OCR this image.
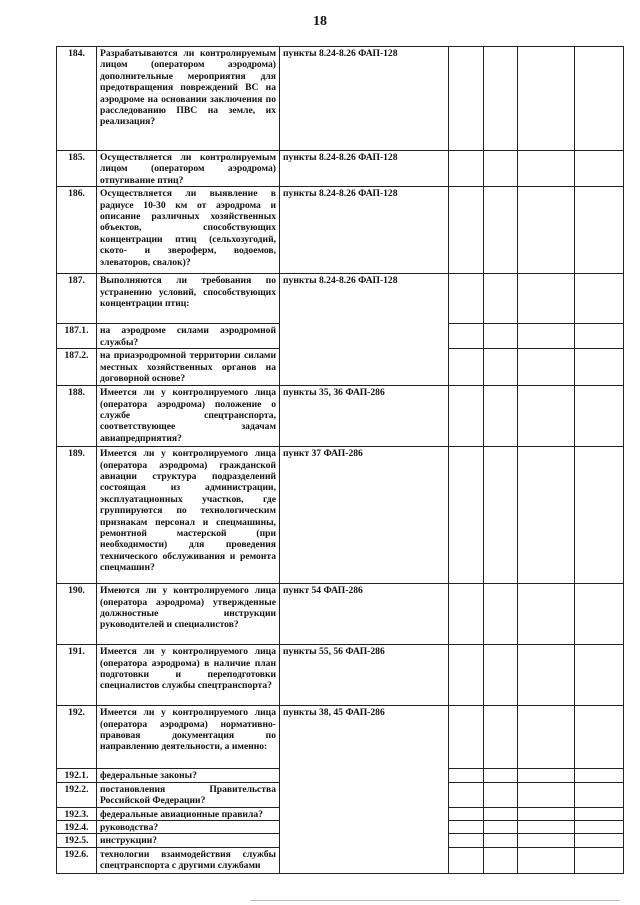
18
184.	Разрабатываются ли контролируемым лицом (оператором аэродрома) дополнительные мероприятия для предотвращения повреждений ВС на аэродроме на основании заключения по расследованию ПВС на земле, их реализация?	пункты 8.24-8.26 ФАП-128				
185.	Осуществляется ли контролируемым лицом (оператором аэродрома) отпугивание птиц?	пункты 8.24-8.26 ФАП-128				
186.	Осуществляется ли выявление в радиусе 10-30 км от аэродрома и описание различных хозяйственных объектов, способствующих концентрации птиц (сельхозугодий, ското- и звероферм, водоемов, элеваторов, свалок)?	пункты 8.24-8.26 ФАП-128				
187.	Выполняются ли требования по устранению условий, способствующих концентрации птиц:	пункты 8.24-8.26 ФАП-128				
187.1.	на аэродроме силами аэродромной службы?					
187.2.	на приаэродромной территории силами местных хозяйственных органов на договорной основе?					
188.	Имеется ли у контролируемого лица (оператора аэродрома) положение о службе спецтранспорта, соответствующее задачам авиапредприятия?	пункты 35, 36 ФАП-286				
189.	Имеется ли у контролируемого лица (оператора аэродрома) гражданской авиации структура подразделений состоящая из администрации, эксплуатационных участков, где группируются по технологическим признакам персонал и спецмашины, ремонтной мастерской (при необходимости) для проведения технического обслуживания и ремонта спецмашин?	пункт 37 ФАП-286				
190.	Имеются ли у контролируемого лица (оператора аэродрома) утвержденные должностные инструкции руководителей и специалистов?	пункт 54 ФАП-286				
191.	Имеется ли у контролируемого лица (оператора аэродрома) в наличие план подготовки и переподготовки специалистов службы спецтранспорта?	пункты 55, 56 ФАП-286				
192.	Имеется ли у контролируемого лица (оператора аэродрома) нормативно-правовая документация по направлению деятельности, а именно:	пункты 38, 45 ФАП-286				
192.1.	федеральные законы?					
192.2.	постановления Правительства Российской Федерации?					
192.3.	федеральные авиационные правила?					
192.4.	руководства?					
192.5.	инструкции?					
192.6.	технологии взаимодействия службы спецтранспорта с другими службами					
